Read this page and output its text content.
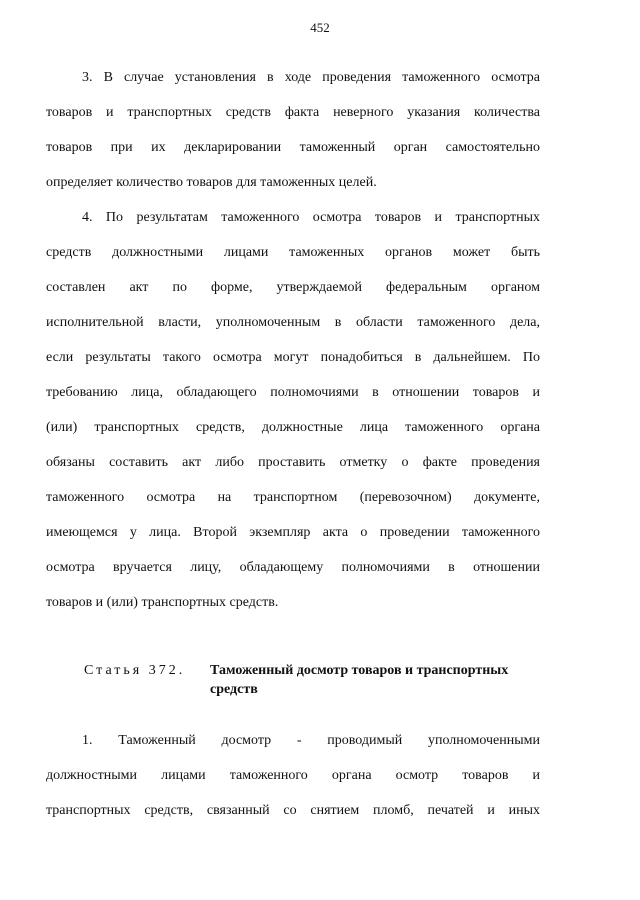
452
3. В случае установления в ходе проведения таможенного осмотра
товаров и транспортных средств факта неверного указания количества
товаров при их декларировании таможенный орган самостоятельно
определяет количество товаров для таможенных целей.
4. По результатам таможенного осмотра товаров и транспортных
средств должностными лицами таможенных органов может быть
составлен акт по форме, утверждаемой федеральным органом
исполнительной власти, уполномоченным в области таможенного дела,
если результаты такого осмотра могут понадобиться в дальнейшем. По
требованию лица, обладающего полномочиями в отношении товаров и
(или) транспортных средств, должностные лица таможенного органа
обязаны составить акт либо проставить отметку о факте проведения
таможенного осмотра на транспортном (перевозочном) документе,
имеющемся у лица. Второй экземпляр акта о проведении таможенного
осмотра вручается лицу, обладающему полномочиями в отношении
товаров и (или) транспортных средств.
Статья 372. Таможенный досмотр товаров и транспортных
средств
1. Таможенный досмотр - проводимый уполномоченными
должностными лицами таможенного органа осмотр товаров и
транспортных средств, связанный со снятием пломб, печатей и иных
